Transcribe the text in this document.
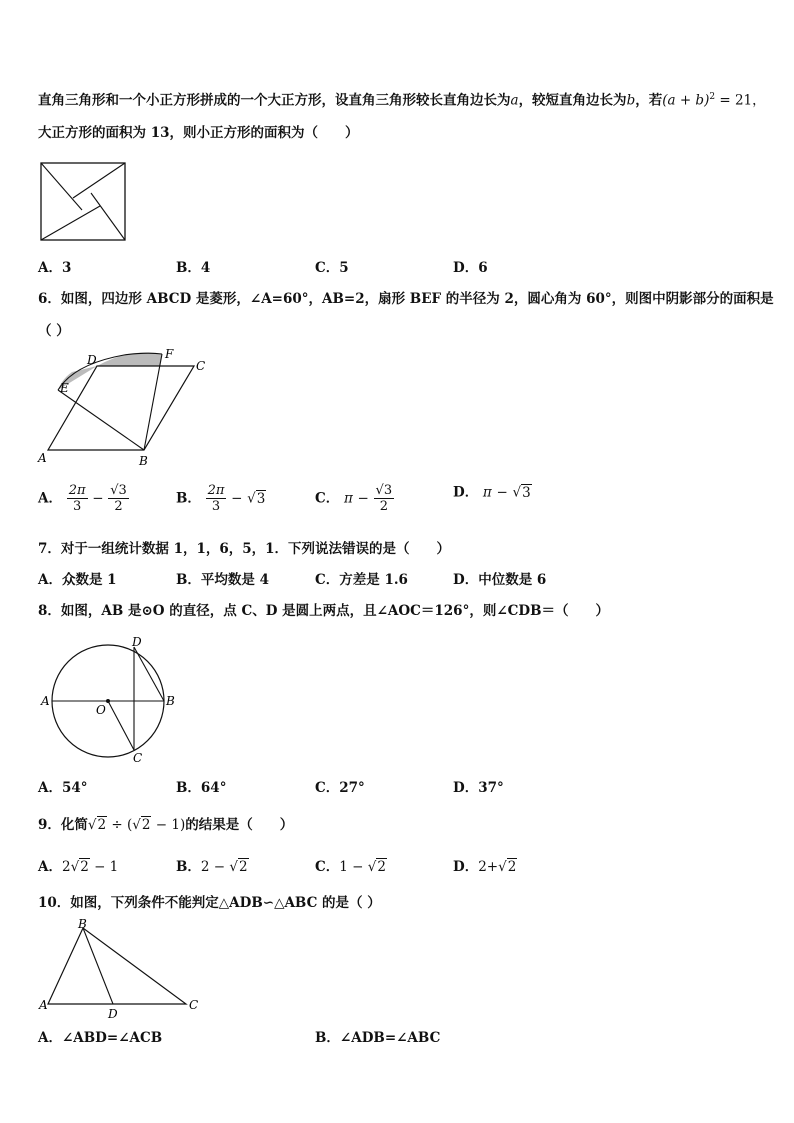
直角三角形和一个小正方形拼成的一个大正方形，设直角三角形较长直角边长为a，较短直角边长为b，若$(a + b)^2 = 21$，
大正方形的面积为 13，则小正方形的面积为（　　）
A．3	B．4	C．5	D．6
6．如图，四边形 ABCD 是菱形，∠A=60°，AB=2，扇形 BEF 的半径为 2，圆心角为 60°，则图中阴影部分的面积是
（ ）
A	B
C
D
E
F
A． $\frac{2\pi}{3} - \frac{√3}{2}$	B． $\frac{2\pi}{3} - √3$	C． $\pi - \frac{√3}{2}$	D． π − √3
7．对于一组统计数据 1，1，6，5，1．下列说法错误的是（　　）
A．众数是 1	B．平均数是 4	C．方差是 1.6	D．中位数是 6
8．如图，AB 是⊙O 的直径，点 C、D 是圆上两点，且∠AOC＝126°，则∠CDB＝（　　）
A	B
C
D
O
A．54°	B．64°	C．27°	D．37°
9．化简√2 ÷ (√2 − 1)的结果是（　　）
A．2√2 − 1	B．2 − √2	C．1 − √2	D．2+√2
10．如图，下列条件不能判定△ADB∽△ABC 的是（ ）
A
B
C
D
A．∠ABD=∠ACB	B．∠ADB=∠ABC
